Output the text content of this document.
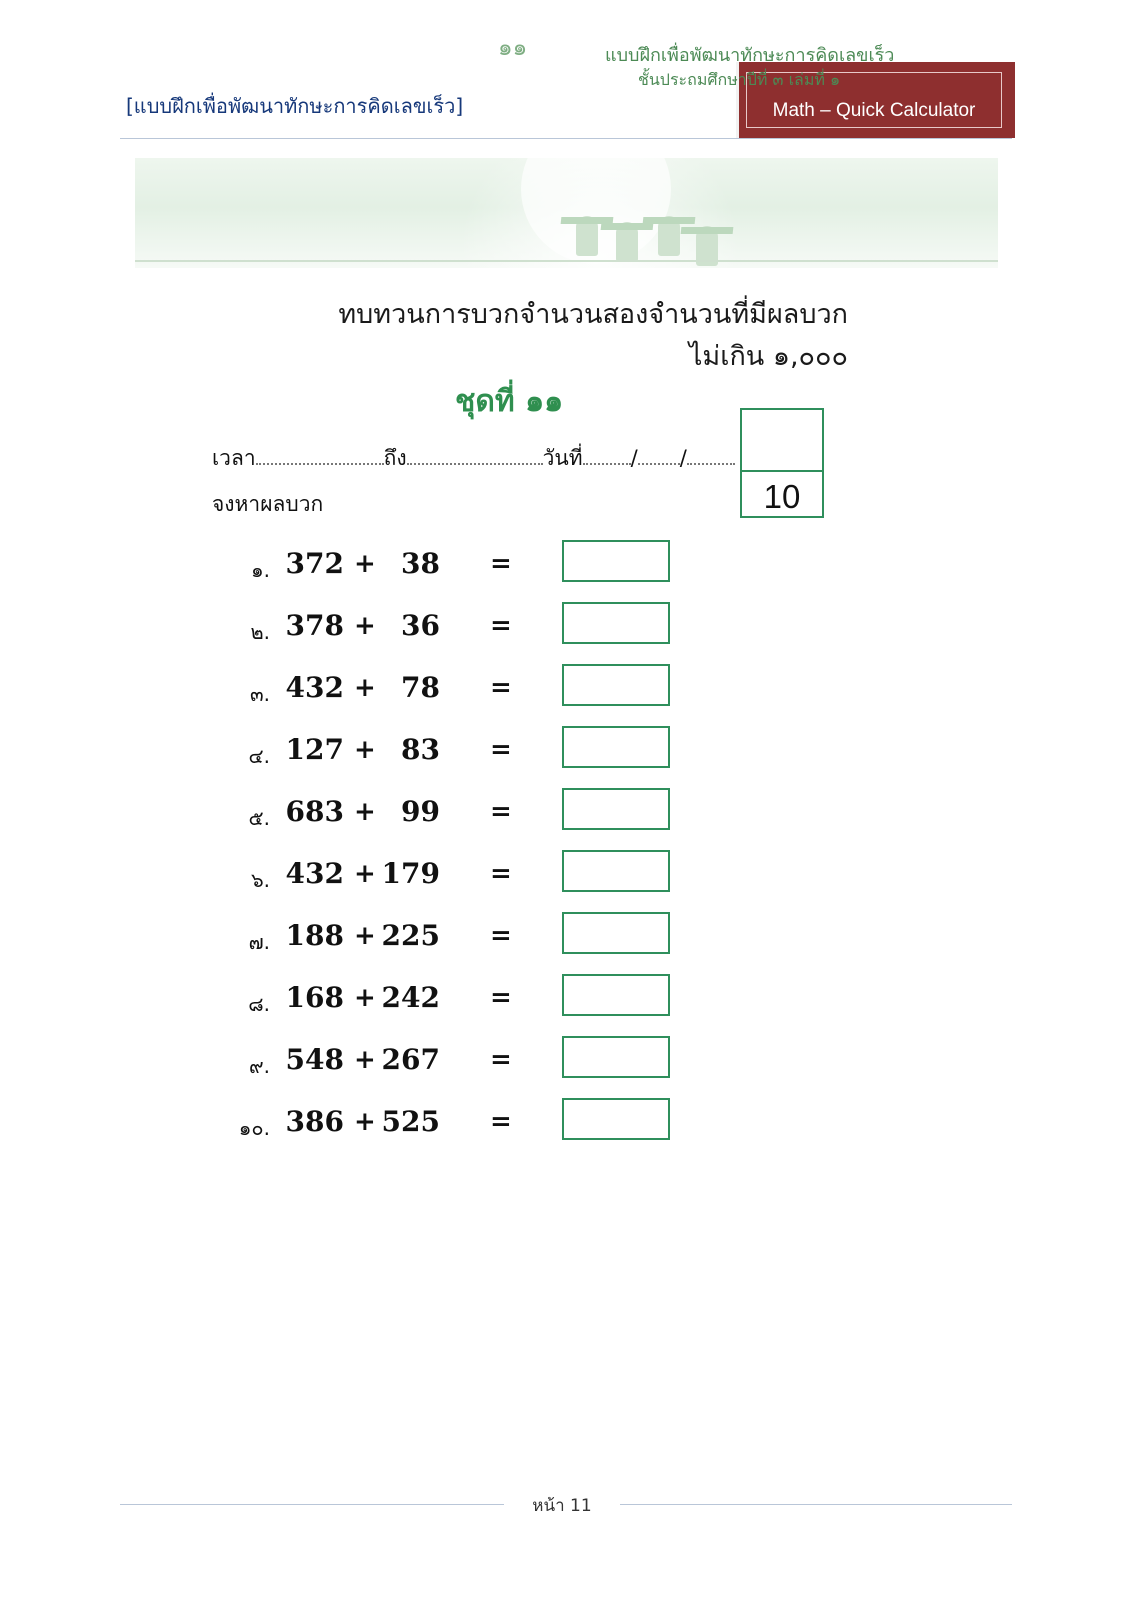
[แบบฝึกเพื่อพัฒนาทักษะการคิดเลขเร็ว]	Math – Quick Calculator
๑๑	แบบฝึกเพื่อพัฒนาทักษะการคิดเลขเร็ว
ชั้นประถมศึกษาปีที่ ๓ เล่มที่ ๑
ทบทวนการบวกจำนวนสองจำนวนที่มีผลบวก
ไม่เกิน ๑,๐๐๐
ชุดที่ ๑๑
10
เวลา	ถึง	วันที่ / /
จงหาผลบวก
๑. 372 + 38 =
๒. 378 + 36 =
๓. 432 + 78 =
๔. 127 + 83 =
๕. 683 + 99 =
๖. 432 + 179 =
๗. 188 + 225 =
๘. 168 + 242 =
๙. 548 + 267 =
๑๐. 386 + 525 =
หน้า 11
